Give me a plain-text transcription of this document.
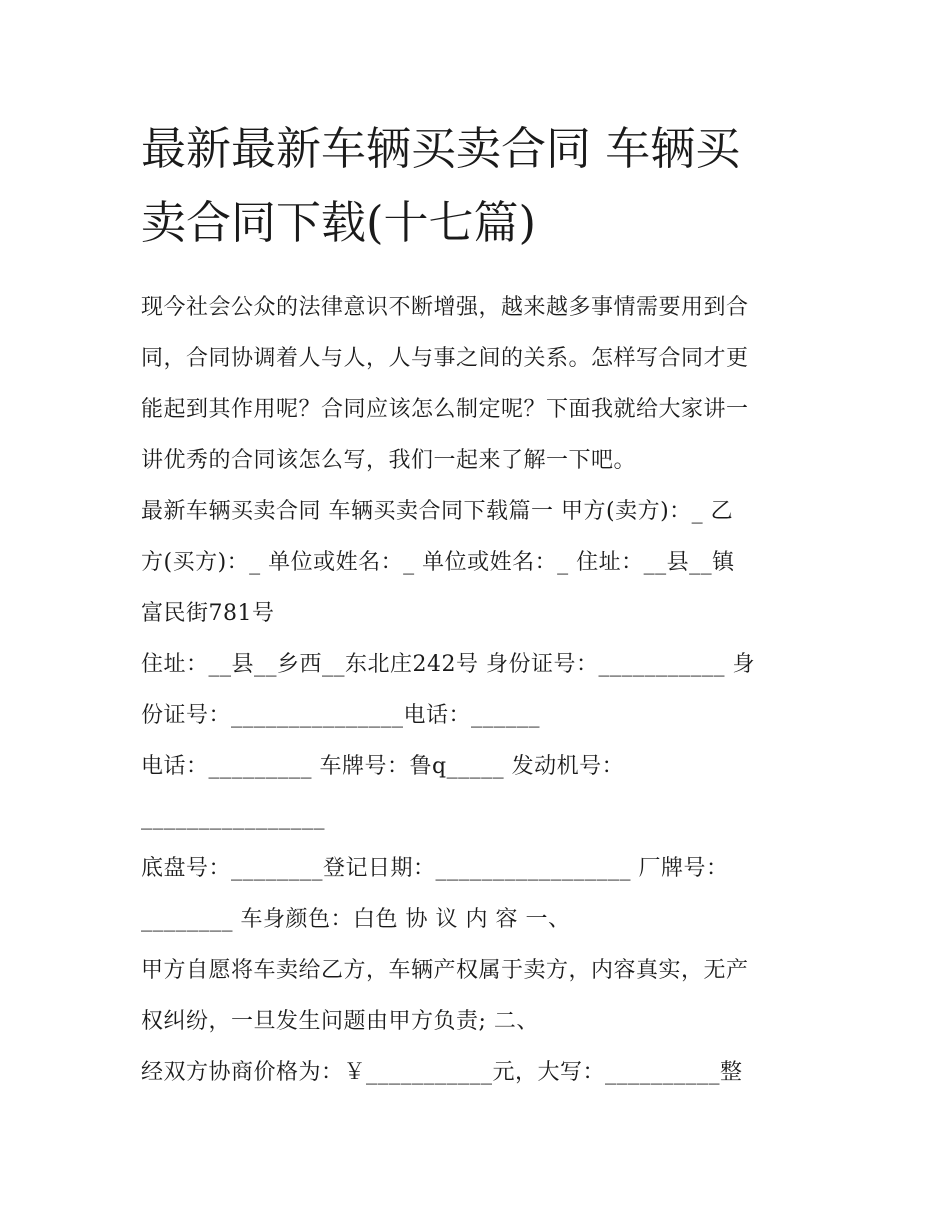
最新最新车辆买卖合同 车辆买
卖合同下载(十七篇)

现今社会公众的法律意识不断增强，越来越多事情需要用到合
同，合同协调着人与人，人与事之间的关系。怎样写合同才更
能起到其作用呢？合同应该怎么制定呢？下面我就给大家讲一
讲优秀的合同该怎么写，我们一起来了解一下吧。

最新车辆买卖合同 车辆买卖合同下载篇一 甲方(卖方)：_ 乙
方(买方)：_ 单位或姓名：_ 单位或姓名：_ 住址：__县__镇
富民街781号

住址：__县__乡西__东北庄242号 身份证号：___________ 身
份证号：_______________电话：______

电话：_________ 车牌号：鲁q_____ 发动机号：
________________

底盘号：________登记日期：_________________ 厂牌号：
________ 车身颜色：白色 协 议 内 容 一、

甲方自愿将车卖给乙方，车辆产权属于卖方，内容真实，无产
权纠纷，一旦发生问题由甲方负责; 二、

经双方协商价格为：￥___________元，大写：__________整
